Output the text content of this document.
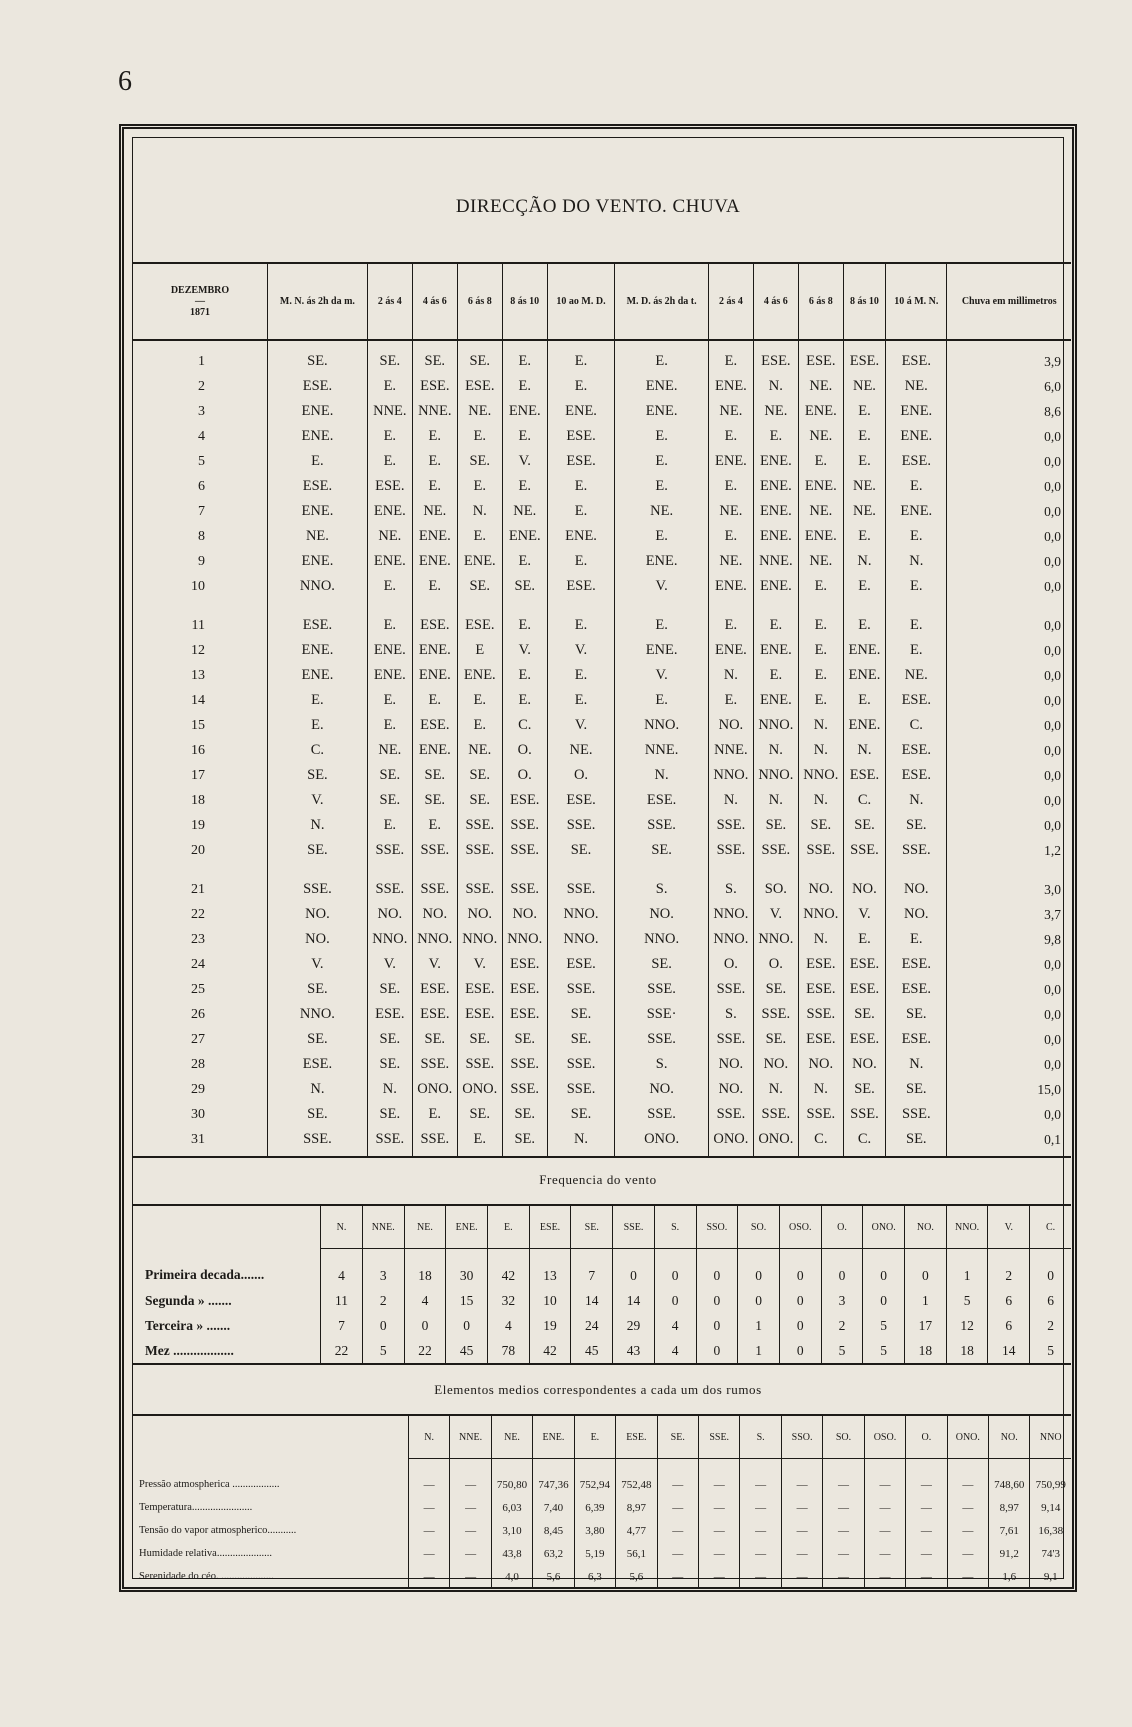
6
DIRECÇÃO DO VENTO. CHUVA
DEZEMBRO
—
1871	M. N. ás 2h da m.	2 ás 4	4 ás 6	6 ás 8	8 ás 10	10 ao M. D.	M. D. ás 2h da t.	2 ás 4	4 ás 6	6 ás 8	8 ás 10	10 á M. N.	Chuva em millimetros
1	SE.	SE.	SE.	SE.	E.	E.	E.	E.	ESE.	ESE.	ESE.	ESE.	3,9
2	ESE.	E.	ESE.	ESE.	E.	E.	ENE.	ENE.	N.	NE.	NE.	NE.	6,0
3	ENE.	NNE.	NNE.	NE.	ENE.	ENE.	ENE.	NE.	NE.	ENE.	E.	ENE.	8,6
4	ENE.	E.	E.	E.	E.	ESE.	E.	E.	E.	NE.	E.	ENE.	0,0
5	E.	E.	E.	SE.	V.	ESE.	E.	ENE.	ENE.	E.	E.	ESE.	0,0
6	ESE.	ESE.	E.	E.	E.	E.	E.	E.	ENE.	ENE.	NE.	E.	0,0
7	ENE.	ENE.	NE.	N.	NE.	E.	NE.	NE.	ENE.	NE.	NE.	ENE.	0,0
8	NE.	NE.	ENE.	E.	ENE.	ENE.	E.	E.	ENE.	ENE.	E.	E.	0,0
9	ENE.	ENE.	ENE.	ENE.	E.	E.	ENE.	NE.	NNE.	NE.	N.	N.	0,0
10	NNO.	E.	E.	SE.	SE.	ESE.	V.	ENE.	ENE.	E.	E.	E.	0,0
11	ESE.	E.	ESE.	ESE.	E.	E.	E.	E.	E.	E.	E.	E.	0,0
12	ENE.	ENE.	ENE.	E	V.	V.	ENE.	ENE.	ENE.	E.	ENE.	E.	0,0
13	ENE.	ENE.	ENE.	ENE.	E.	E.	V.	N.	E.	E.	ENE.	NE.	0,0
14	E.	E.	E.	E.	E.	E.	E.	E.	ENE.	E.	E.	ESE.	0,0
15	E.	E.	ESE.	E.	C.	V.	NNO.	NO.	NNO.	N.	ENE.	C.	0,0
16	C.	NE.	ENE.	NE.	O.	NE.	NNE.	NNE.	N.	N.	N.	ESE.	0,0
17	SE.	SE.	SE.	SE.	O.	O.	N.	NNO.	NNO.	NNO.	ESE.	ESE.	0,0
18	V.	SE.	SE.	SE.	ESE.	ESE.	ESE.	N.	N.	N.	C.	N.	0,0
19	N.	E.	E.	SSE.	SSE.	SSE.	SSE.	SSE.	SE.	SE.	SE.	SE.	0,0
20	SE.	SSE.	SSE.	SSE.	SSE.	SE.	SE.	SSE.	SSE.	SSE.	SSE.	SSE.	1,2
21	SSE.	SSE.	SSE.	SSE.	SSE.	SSE.	S.	S.	SO.	NO.	NO.	NO.	3,0
22	NO.	NO.	NO.	NO.	NO.	NNO.	NO.	NNO.	V.	NNO.	V.	NO.	3,7
23	NO.	NNO.	NNO.	NNO.	NNO.	NNO.	NNO.	NNO.	NNO.	N.	E.	E.	9,8
24	V.	V.	V.	V.	ESE.	ESE.	SE.	O.	O.	ESE.	ESE.	ESE.	0,0
25	SE.	SE.	ESE.	ESE.	ESE.	SSE.	SSE.	SSE.	SE.	ESE.	ESE.	ESE.	0,0
26	NNO.	ESE.	ESE.	ESE.	ESE.	SE.	SSE·	S.	SSE.	SSE.	SE.	SE.	0,0
27	SE.	SE.	SE.	SE.	SE.	SE.	SSE.	SSE.	SE.	ESE.	ESE.	ESE.	0,0
28	ESE.	SE.	SSE.	SSE.	SSE.	SSE.	S.	NO.	NO.	NO.	NO.	N.	0,0
29	N.	N.	ONO.	ONO.	SSE.	SSE.	NO.	NO.	N.	N.	SE.	SE.	15,0
30	SE.	SE.	E.	SE.	SE.	SE.	SSE.	SSE.	SSE.	SSE.	SSE.	SSE.	0,0
31	SSE.	SSE.	SSE.	E.	SE.	N.	ONO.	ONO.	ONO.	C.	C.	SE.	0,1
Frequencia do vento
	N.	NNE.	NE.	ENE.	E.	ESE.	SE.	SSE.	S.	SSO.	SO.	OSO.	O.	ONO.	NO.	NNO.	V.	C.
Primeira decada.......	4	3	18	30	42	13	7	0	0	0	0	0	0	0	0	1	2	0
Segunda » .......	11	2	4	15	32	10	14	14	0	0	0	0	3	0	1	5	6	6
Terceira » .......	7	0	0	0	4	19	24	29	4	0	1	0	2	5	17	12	6	2
Mez ..................	22	5	22	45	78	42	45	43	4	0	1	0	5	5	18	18	14	5
Elementos medios correspondentes a cada um dos rumos
	N.	NNE.	NE.	ENE.	E.	ESE.	SE.	SSE.	S.	SSO.	SO.	OSO.	O.	ONO.	NO.	NNO
Pressão atmospherica ..................	—	—	750,80	747,36	752,94	752,48	—	—	—	—	—	—	—	—	748,60	750,99
Temperatura.......................	—	—	6,03	7,40	6,39	8,97	—	—	—	—	—	—	—	—	8,97	9,14
Tensão do vapor atmospherico...........	—	—	3,10	8,45	3,80	4,77	—	—	—	—	—	—	—	—	7,61	16,38
Humidade relativa.....................	—	—	43,8	63,2	5,19	56,1	—	—	—	—	—	—	—	—	91,2	74'3
Serenidade do céo. ....................	—	—	4,0	5,6	6,3	5,6	—	—	—	—	—	—	—	—	1,6	9,1
